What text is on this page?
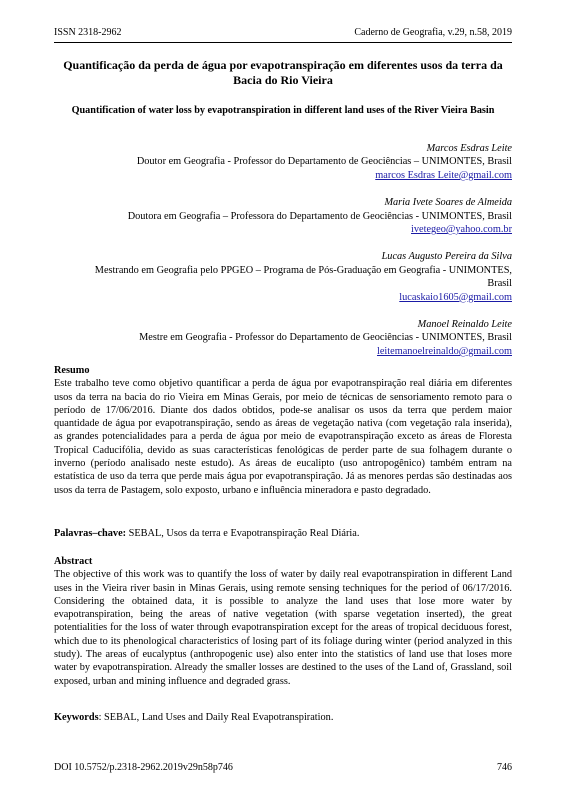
ISSN 2318-2962	Caderno de Geografia, v.29, n.58, 2019
Quantificação da perda de água por evapotranspiração em diferentes usos da terra da Bacia do Rio Vieira
Quantification of water loss by evapotranspiration in different land uses of the River Vieira Basin
Marcos Esdras Leite
Doutor em Geografia - Professor do Departamento de Geociências – UNIMONTES, Brasil
marcos Esdras Leite@gmail.com
Maria Ivete Soares de Almeida
Doutora em Geografia – Professora do Departamento de Geociências - UNIMONTES, Brasil
ivetegeo@yahoo.com.br
Lucas Augusto Pereira da Silva
Mestrando em Geografia pelo PPGEO – Programa de Pós-Graduação em Geografia - UNIMONTES, Brasil
lucaskaio1605@gmail.com
Manoel Reinaldo Leite
Mestre em Geografia - Professor do Departamento de Geociências - UNIMONTES, Brasil
leitemanoelreinaldo@gmail.com
Resumo
Este trabalho teve como objetivo quantificar a perda de água por evapotranspiração real diária em diferentes usos da terra na bacia do rio Vieira em Minas Gerais, por meio de técnicas de sensoriamento remoto para o período de 17/06/2016. Diante dos dados obtidos, pode-se analisar os usos da terra que perdem maior quantidade de água por evapotranspiração, sendo as áreas de vegetação nativa (com vegetação rala inserida), as grandes potencialidades para a perda de água por meio de evapotranspiração exceto as áreas de Floresta Tropical Caducifólia, devido as suas características fenológicas de perder parte de sua folhagem durante o inverno (período analisado neste estudo). As áreas de eucalipto (uso antropogênico) também entram na estatística de uso da terra que perde mais água por evapotranspiração. Já as menores perdas são destinadas aos usos da terra de Pastagem, solo exposto, urbano e influência mineradora e pasto degradado.
Palavras–chave: SEBAL, Usos da terra e Evapotranspiração Real Diária.
Abstract
The objective of this work was to quantify the loss of water by daily real evapotranspiration in different Land uses in the Vieira river basin in Minas Gerais, using remote sensing techniques for the period of 06/17/2016. Considering the obtained data, it is possible to analyze the land uses that lose more water by evapotranspiration, being the areas of native vegetation (with sparse vegetation inserted), the great potentialities for the loss of water through evapotranspiration except for the areas of tropical deciduous forest, which due to its phenological characteristics of losing part of its foliage during winter (period analyzed in this study). The areas of eucalyptus (anthropogenic use) also enter into the statistics of land use that loses more water by evapotranspiration. Already the smaller losses are destined to the uses of the Land of, Grassland, soil exposed, urban and mining influence and degraded grass.
Keywords: SEBAL, Land Uses and Daily Real Evapotranspiration.
DOI 10.5752/p.2318-2962.2019v29n58p746	746
